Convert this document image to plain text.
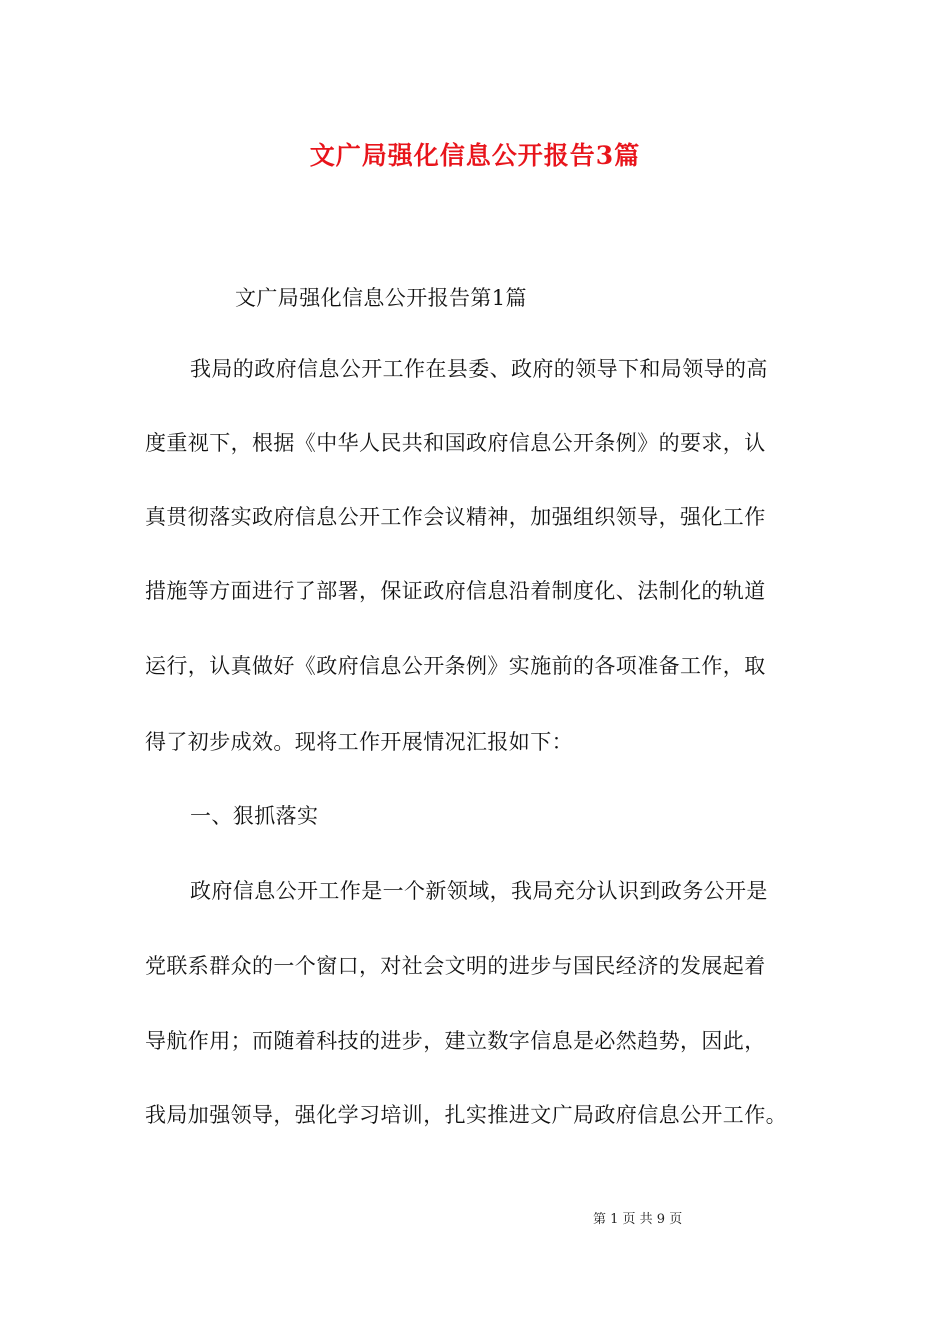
文广局强化信息公开报告3篇
文广局强化信息公开报告第1篇
我局的政府信息公开工作在县委、政府的领导下和局领导的高
度重视下，根据《中华人民共和国政府信息公开条例》的要求，认
真贯彻落实政府信息公开工作会议精神，加强组织领导，强化工作
措施等方面进行了部署，保证政府信息沿着制度化、法制化的轨道
运行，认真做好《政府信息公开条例》实施前的各项准备工作，取
得了初步成效。现将工作开展情况汇报如下：
一、狠抓落实
政府信息公开工作是一个新领域，我局充分认识到政务公开是
党联系群众的一个窗口，对社会文明的进步与国民经济的发展起着
导航作用；而随着科技的进步，建立数字信息是必然趋势，因此，
我局加强领导，强化学习培训，扎实推进文广局政府信息公开工作。
第 1 页 共 9 页
